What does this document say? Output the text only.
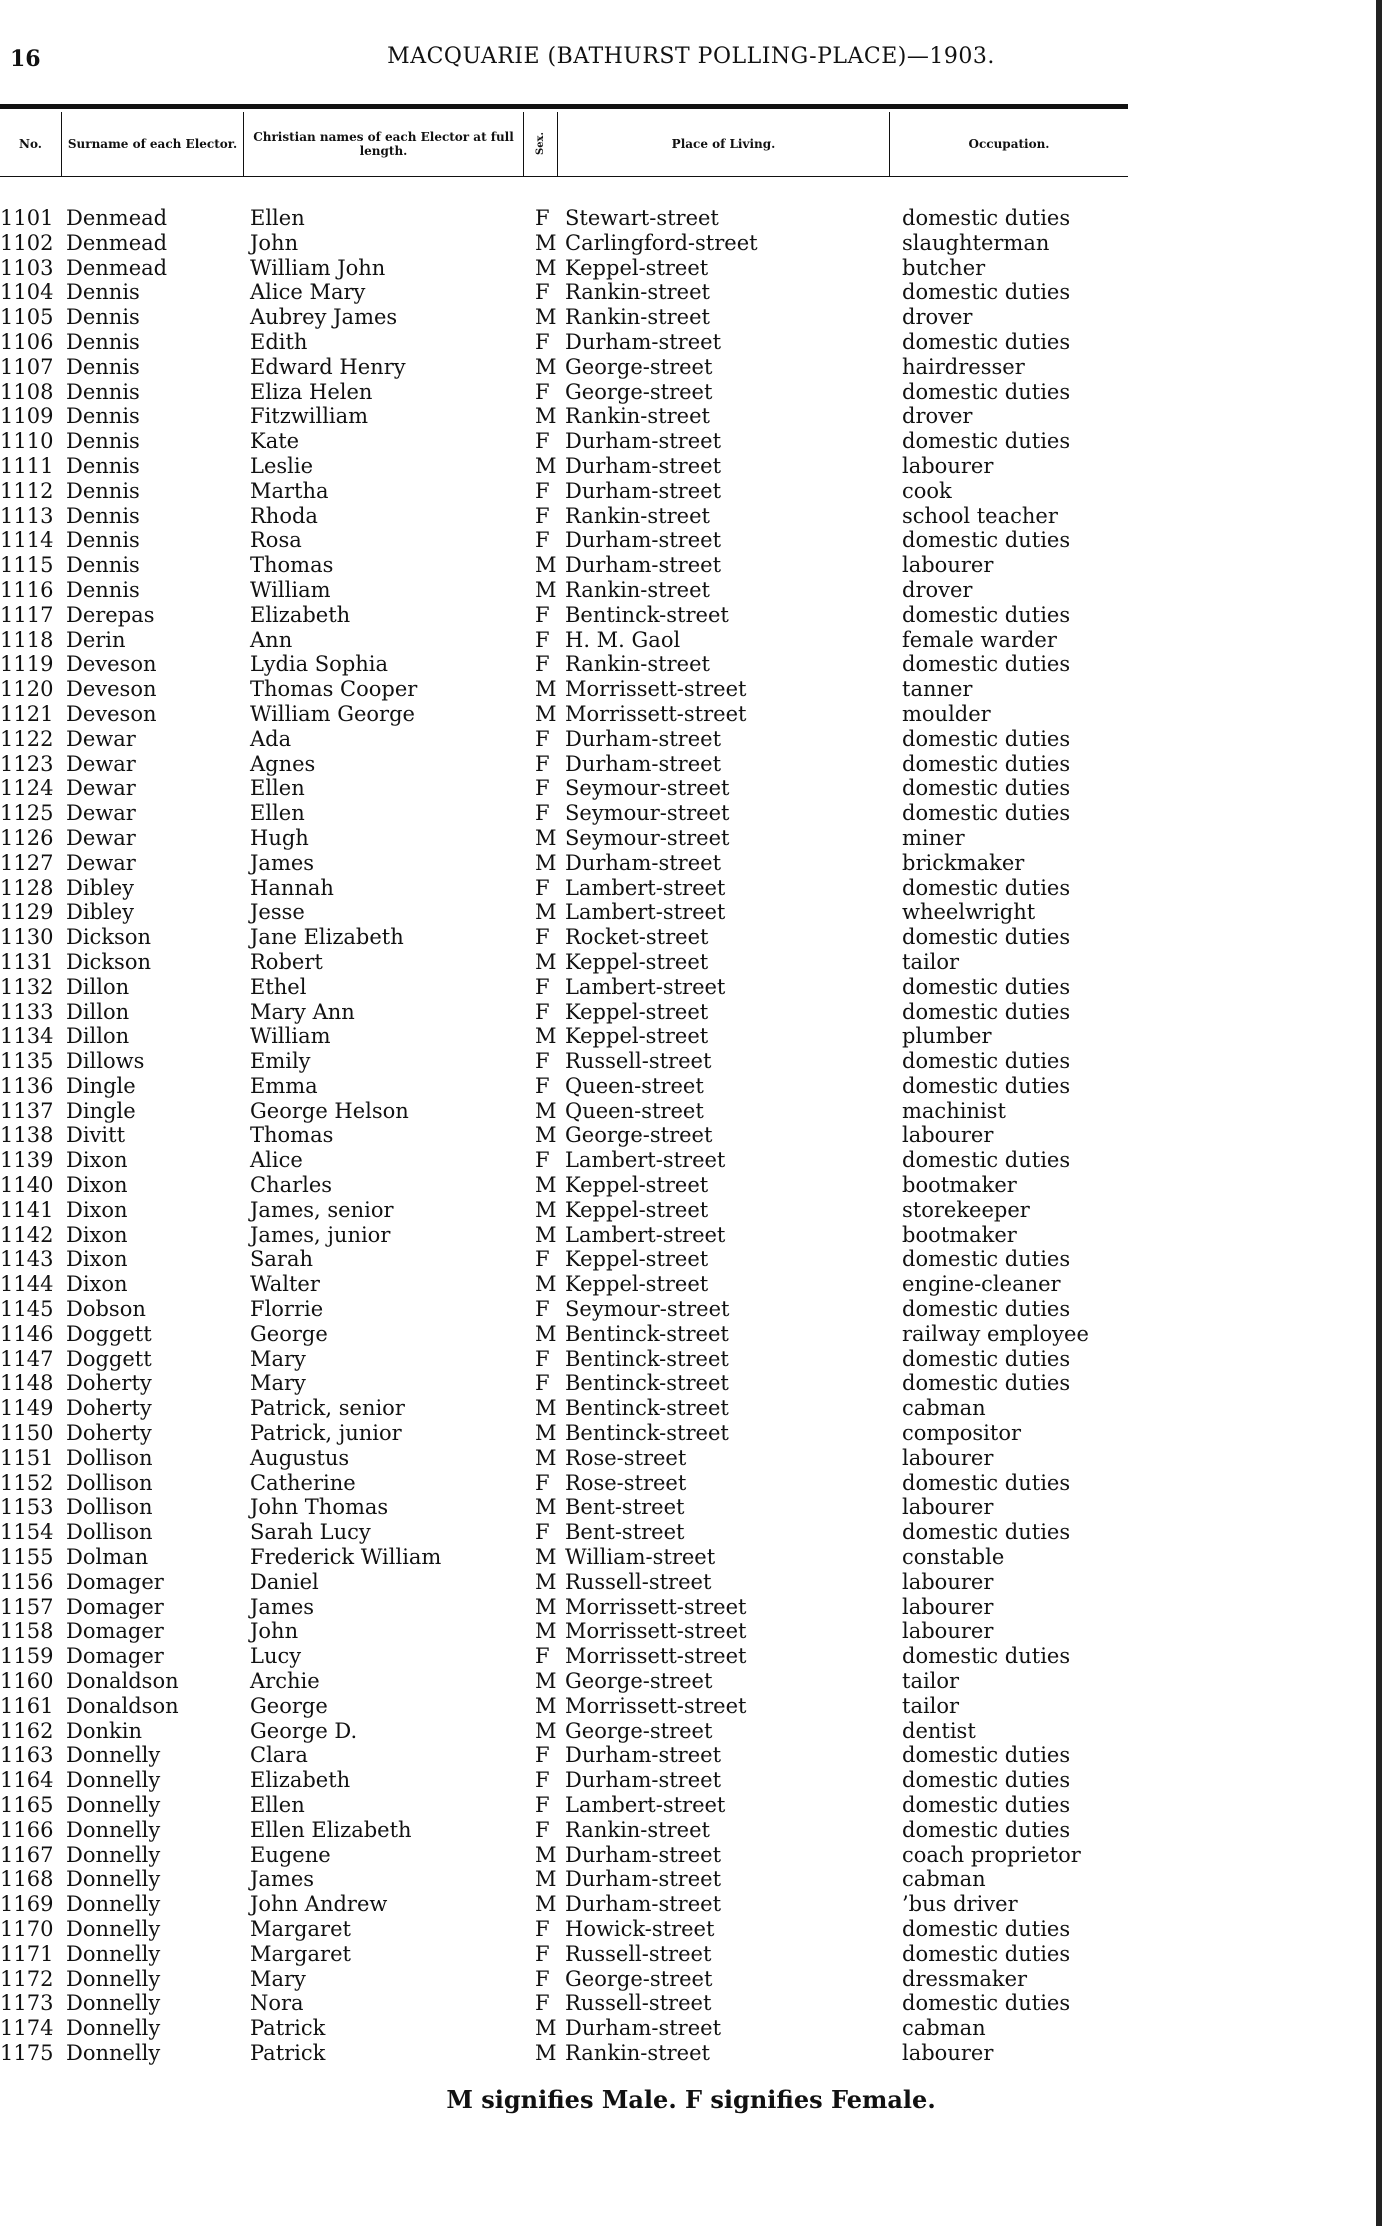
16	MACQUARIE (BATHURST POLLING-PLACE)—1903.
No.	Surname of each Elector.	Christian names of each Elector at full length.	Sex.	Place of Living.	Occupation.
1101 Denmead	Ellen	F Stewart-street	domestic duties
1102 Denmead	John	M Carlingford-street	slaughterman
1103 Denmead	William John	M Keppel-street	butcher
1104 Dennis	Alice Mary	F Rankin-street	domestic duties
1105 Dennis	Aubrey James	M Rankin-street	drover
1106 Dennis	Edith	F Durham-street	domestic duties
1107 Dennis	Edward Henry	M George-street	hairdresser
1108 Dennis	Eliza Helen	F George-street	domestic duties
1109 Dennis	Fitzwilliam	M Rankin-street	drover
1110 Dennis	Kate	F Durham-street	domestic duties
1111 Dennis	Leslie	M Durham-street	labourer
1112 Dennis	Martha	F Durham-street	cook
1113 Dennis	Rhoda	F Rankin-street	school teacher
1114 Dennis	Rosa	F Durham-street	domestic duties
1115 Dennis	Thomas	M Durham-street	labourer
1116 Dennis	William	M Rankin-street	drover
1117 Derepas	Elizabeth	F Bentinck-street	domestic duties
1118 Derin	Ann	F H. M. Gaol	female warder
1119 Deveson	Lydia Sophia	F Rankin-street	domestic duties
1120 Deveson	Thomas Cooper	M Morrissett-street	tanner
1121 Deveson	William George	M Morrissett-street	moulder
1122 Dewar	Ada	F Durham-street	domestic duties
1123 Dewar	Agnes	F Durham-street	domestic duties
1124 Dewar	Ellen	F Seymour-street	domestic duties
1125 Dewar	Ellen	F Seymour-street	domestic duties
1126 Dewar	Hugh	M Seymour-street	miner
1127 Dewar	James	M Durham-street	brickmaker
1128 Dibley	Hannah	F Lambert-street	domestic duties
1129 Dibley	Jesse	M Lambert-street	wheelwright
1130 Dickson	Jane Elizabeth	F Rocket-street	domestic duties
1131 Dickson	Robert	M Keppel-street	tailor
1132 Dillon	Ethel	F Lambert-street	domestic duties
1133 Dillon	Mary Ann	F Keppel-street	domestic duties
1134 Dillon	William	M Keppel-street	plumber
1135 Dillows	Emily	F Russell-street	domestic duties
1136 Dingle	Emma	F Queen-street	domestic duties
1137 Dingle	George Helson	M Queen-street	machinist
1138 Divitt	Thomas	M George-street	labourer
1139 Dixon	Alice	F Lambert-street	domestic duties
1140 Dixon	Charles	M Keppel-street	bootmaker
1141 Dixon	James, senior	M Keppel-street	storekeeper
1142 Dixon	James, junior	M Lambert-street	bootmaker
1143 Dixon	Sarah	F Keppel-street	domestic duties
1144 Dixon	Walter	M Keppel-street	engine-cleaner
1145 Dobson	Florrie	F Seymour-street	domestic duties
1146 Doggett	George	M Bentinck-street	railway employee
1147 Doggett	Mary	F Bentinck-street	domestic duties
1148 Doherty	Mary	F Bentinck-street	domestic duties
1149 Doherty	Patrick, senior	M Bentinck-street	cabman
1150 Doherty	Patrick, junior	M Bentinck-street	compositor
1151 Dollison	Augustus	M Rose-street	labourer
1152 Dollison	Catherine	F Rose-street	domestic duties
1153 Dollison	John Thomas	M Bent-street	labourer
1154 Dollison	Sarah Lucy	F Bent-street	domestic duties
1155 Dolman	Frederick William	M William-street	constable
1156 Domager	Daniel	M Russell-street	labourer
1157 Domager	James	M Morrissett-street	labourer
1158 Domager	John	M Morrissett-street	labourer
1159 Domager	Lucy	F Morrissett-street	domestic duties
1160 Donaldson	Archie	M George-street	tailor
1161 Donaldson	George	M Morrissett-street	tailor
1162 Donkin	George D.	M George-street	dentist
1163 Donnelly	Clara	F Durham-street	domestic duties
1164 Donnelly	Elizabeth	F Durham-street	domestic duties
1165 Donnelly	Ellen	F Lambert-street	domestic duties
1166 Donnelly	Ellen Elizabeth	F Rankin-street	domestic duties
1167 Donnelly	Eugene	M Durham-street	coach proprietor
1168 Donnelly	James	M Durham-street	cabman
1169 Donnelly	John Andrew	M Durham-street	’bus driver
1170 Donnelly	Margaret	F Howick-street	domestic duties
1171 Donnelly	Margaret	F Russell-street	domestic duties
1172 Donnelly	Mary	F George-street	dressmaker
1173 Donnelly	Nora	F Russell-street	domestic duties
1174 Donnelly	Patrick	M Durham-street	cabman
1175 Donnelly	Patrick	M Rankin-street	labourer
M signifies Male. F signifies Female.
